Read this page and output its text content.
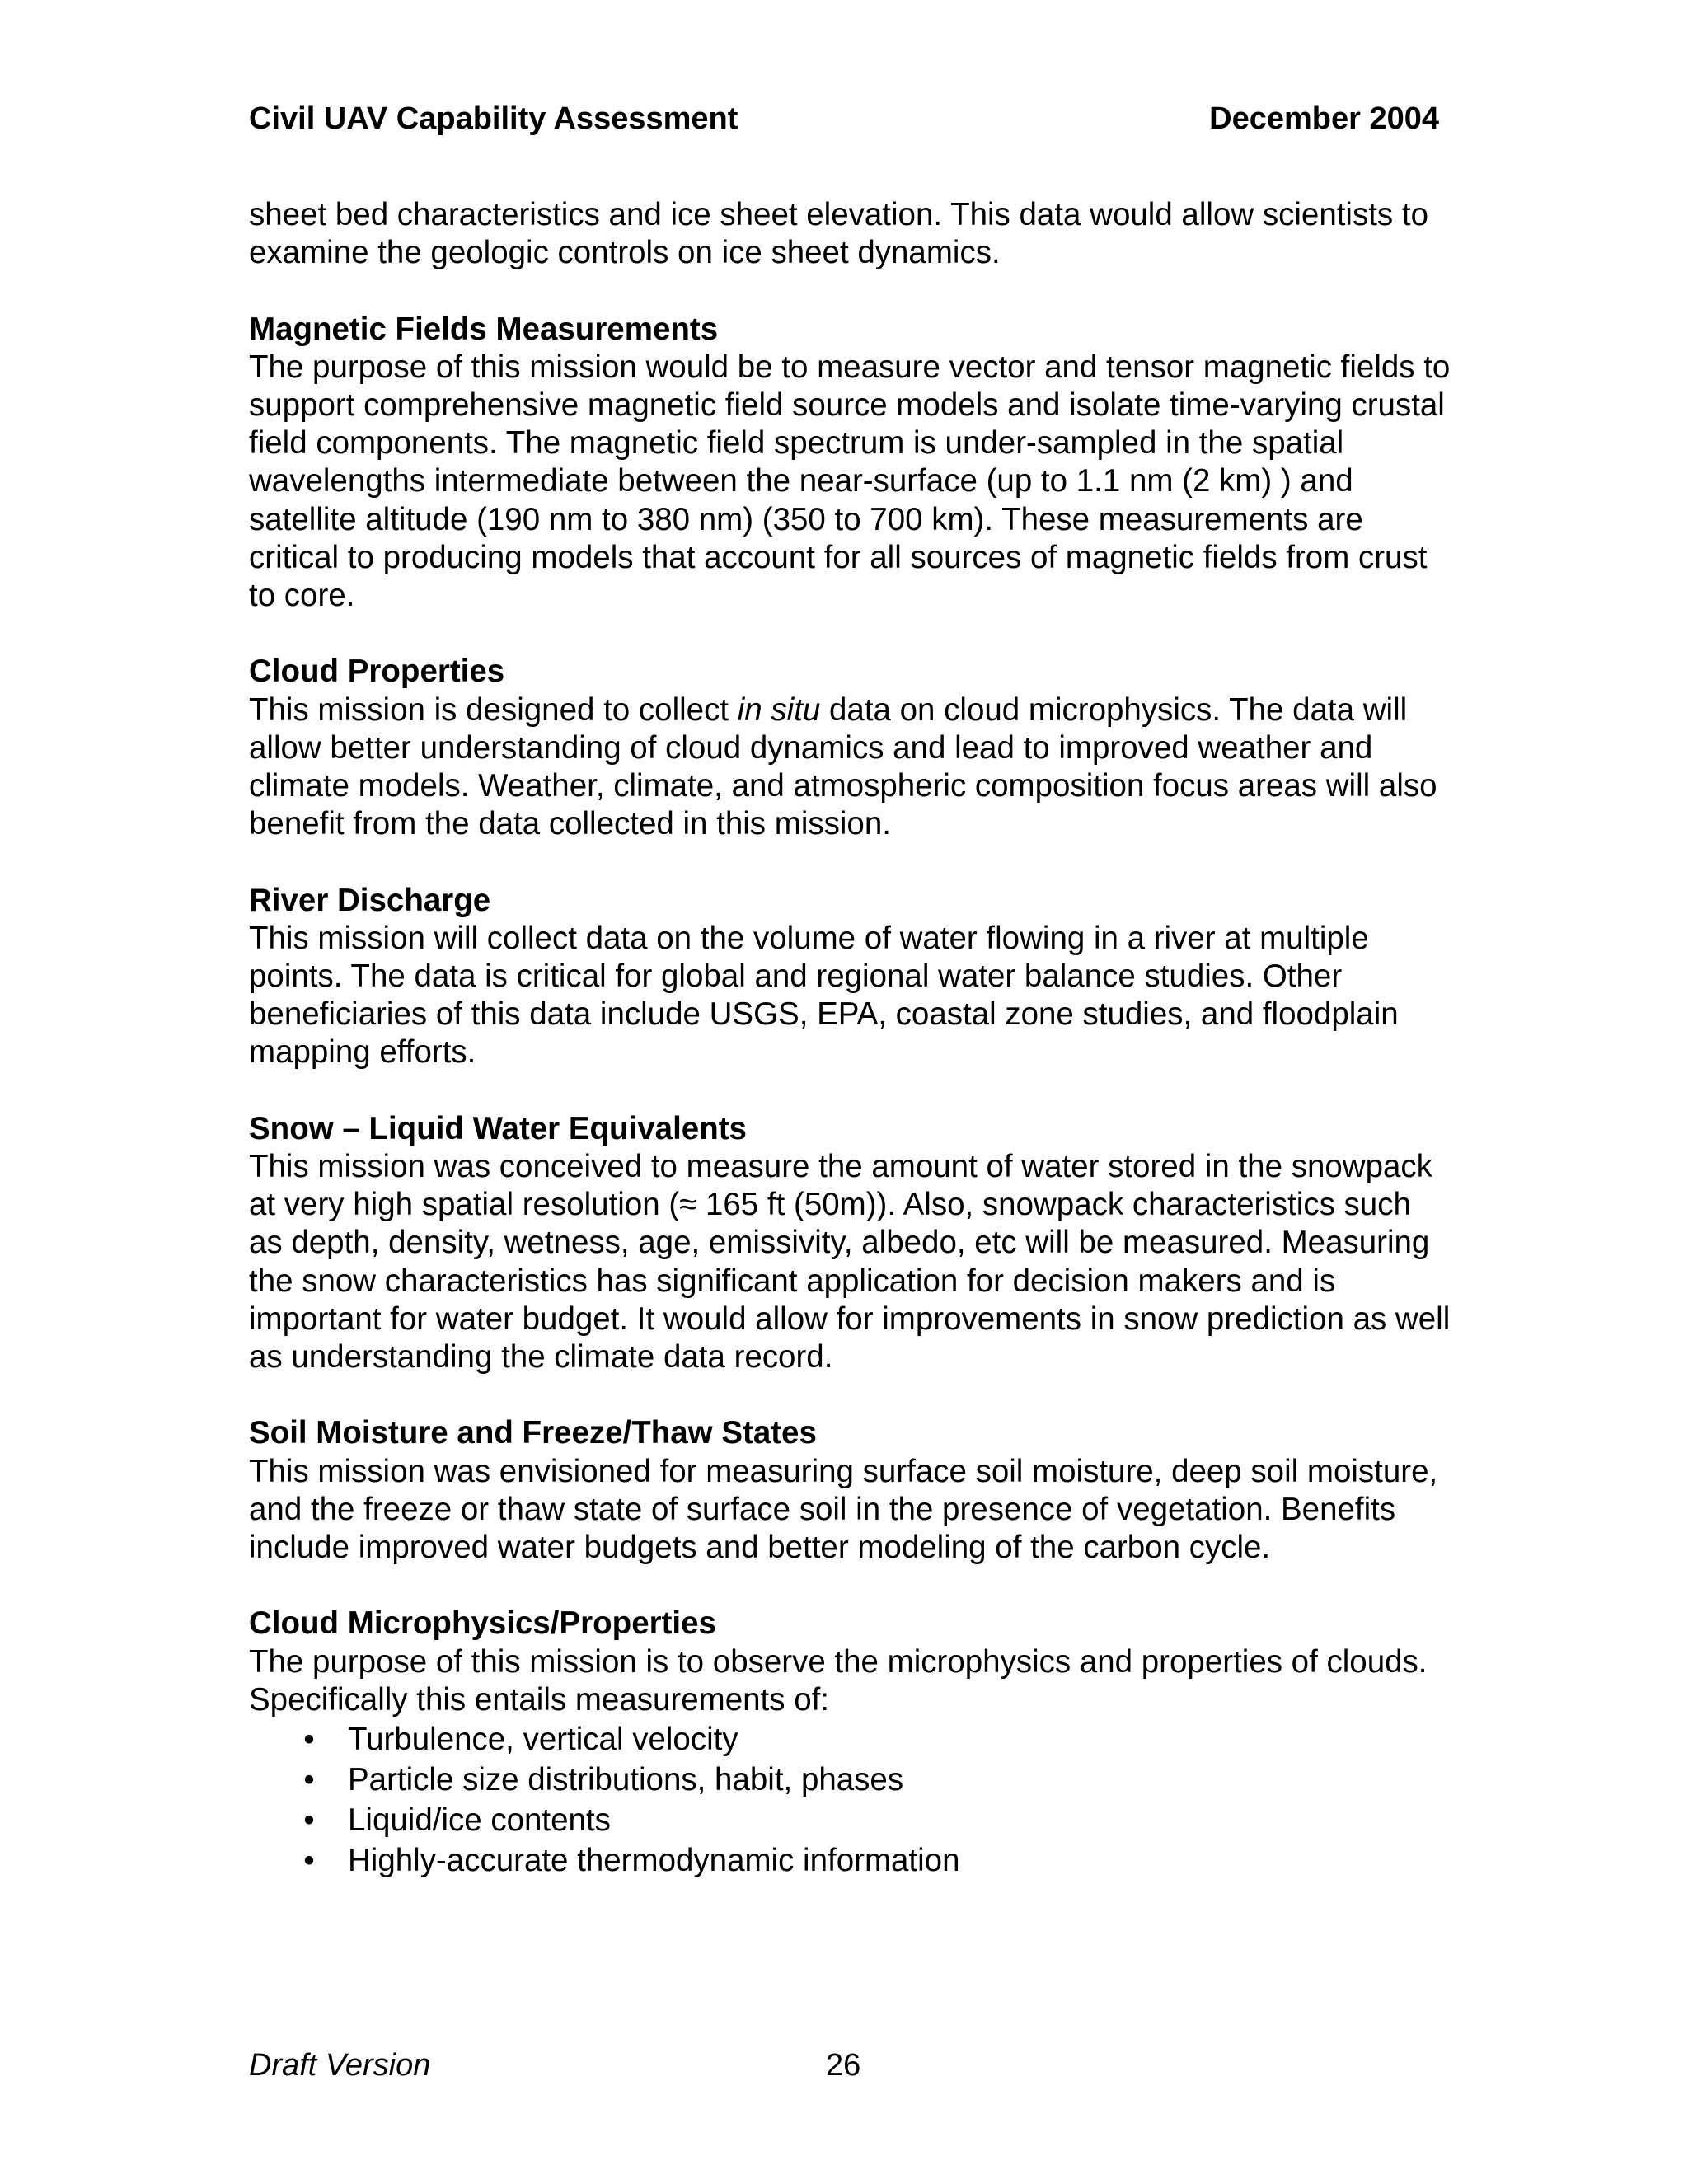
Civil UAV Capability Assessment	December 2004

sheet bed characteristics and ice sheet elevation. This data would allow scientists to examine the geologic controls on ice sheet dynamics.

Magnetic Fields Measurements
The purpose of this mission would be to measure vector and tensor magnetic fields to support comprehensive magnetic field source models and isolate time-varying crustal field components. The magnetic field spectrum is under-sampled in the spatial wavelengths intermediate between the near-surface (up to 1.1 nm (2 km) ) and satellite altitude (190 nm to 380 nm) (350 to 700 km). These measurements are critical to producing models that account for all sources of magnetic fields from crust to core.
Cloud Properties
This mission is designed to collect in situ data on cloud microphysics. The data will allow better understanding of cloud dynamics and lead to improved weather and climate models. Weather, climate, and atmospheric composition focus areas will also benefit from the data collected in this mission.
River Discharge
This mission will collect data on the volume of water flowing in a river at multiple points. The data is critical for global and regional water balance studies. Other beneficiaries of this data include USGS, EPA, coastal zone studies, and floodplain mapping efforts.
Snow – Liquid Water Equivalents
This mission was conceived to measure the amount of water stored in the snowpack at very high spatial resolution (≈ 165 ft (50m)). Also, snowpack characteristics such as depth, density, wetness, age, emissivity, albedo, etc will be measured. Measuring the snow characteristics has significant application for decision makers and is important for water budget. It would allow for improvements in snow prediction as well as understanding the climate data record.
Soil Moisture and Freeze/Thaw States
This mission was envisioned for measuring surface soil moisture, deep soil moisture, and the freeze or thaw state of surface soil in the presence of vegetation. Benefits include improved water budgets and better modeling of the carbon cycle.
Cloud Microphysics/Properties
The purpose of this mission is to observe the microphysics and properties of clouds. Specifically this entails measurements of:
• Turbulence, vertical velocity
• Particle size distributions, habit, phases
• Liquid/ice contents
• Highly-accurate thermodynamic information
Draft Version	26
